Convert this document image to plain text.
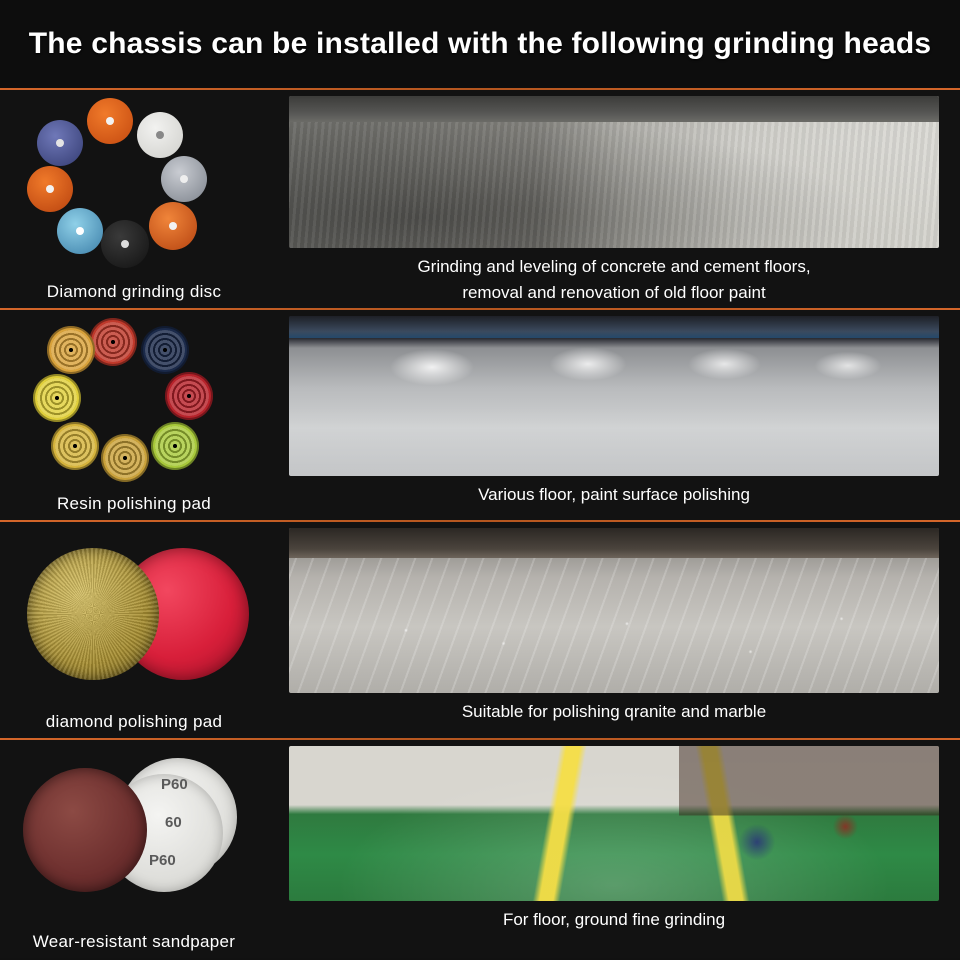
The chassis can be installed with the following grinding heads
Diamond grinding disc
Grinding and leveling of concrete and cement floors,
removal and renovation of old floor paint
Resin polishing pad	Various floor, paint surface polishing
diamond polishing pad
Suitable for polishing qranite and marble
P60
60
P60
Wear-resistant sandpaper
For floor, ground fine grinding
